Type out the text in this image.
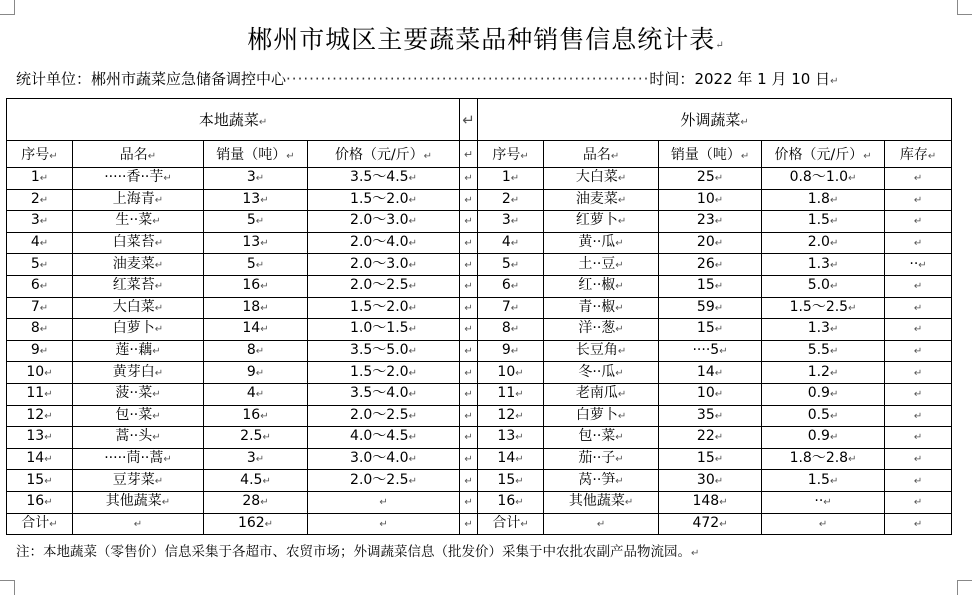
郴州市城区主要蔬菜品种销售信息统计表↵
统计单位：郴州市蔬菜应急储备调控中心·······························································时间：2022 年 1 月 10 日↵
本地蔬菜↵				↵	外调蔬菜↵				
序号↵	品名↵	销量（吨）↵	价格（元/斤）↵	↵	序号↵	品名↵	销量（吨）↵	价格（元/斤）↵	库存↵
1↵	·····香··芋↵	3↵	3.5～4.5↵	↵	1↵	大白菜↵	25↵	0.8～1.0↵	↵
2↵	上海青↵	13↵	1.5～2.0↵	↵	2↵	油麦菜↵	10↵	1.8↵	↵
3↵	生··菜↵	5↵	2.0～3.0↵	↵	3↵	红萝卜↵	23↵	1.5↵	↵
4↵	白菜苔↵	13↵	2.0～4.0↵	↵	4↵	黄··瓜↵	20↵	2.0↵	↵
5↵	油麦菜↵	5↵	2.0～3.0↵	↵	5↵	土··豆↵	26↵	1.3↵	··↵
6↵	红菜苔↵	16↵	2.0～2.5↵	↵	6↵	红··椒↵	15↵	5.0↵	↵
7↵	大白菜↵	18↵	1.5～2.0↵	↵	7↵	青··椒↵	59↵	1.5～2.5↵	↵
8↵	白萝卜↵	14↵	1.0～1.5↵	↵	8↵	洋··葱↵	15↵	1.3↵	↵
9↵	莲··藕↵	8↵	3.5～5.0↵	↵	9↵	长豆角↵	····5↵	5.5↵	↵
10↵	黄芽白↵	9↵	1.5～2.0↵	↵	10↵	冬··瓜↵	14↵	1.2↵	↵
11↵	菠··菜↵	4↵	3.5～4.0↵	↵	11↵	老南瓜↵	10↵	0.9↵	↵
12↵	包··菜↵	16↵	2.0～2.5↵	↵	12↵	白萝卜↵	35↵	0.5↵	↵
13↵	蒿··头↵	2.5↵	4.0～4.5↵	↵	13↵	包··菜↵	22↵	0.9↵	↵
14↵	·····茼··蒿↵	3↵	3.0～4.0↵	↵	14↵	茄··子↵	15↵	1.8～2.8↵	↵
15↵	豆芽菜↵	4.5↵	2.0～2.5↵	↵	15↵	莴··笋↵	30↵	1.5↵	↵
16↵	其他蔬菜↵	28↵	↵	↵	16↵	其他蔬菜↵	148↵	··↵	↵
合计↵	↵	162↵	↵	↵	合计↵	↵	472↵	↵	↵
注：本地蔬菜（零售价）信息采集于各超市、农贸市场；外调蔬菜信息（批发价）采集于中农批农副产品物流园。↵
